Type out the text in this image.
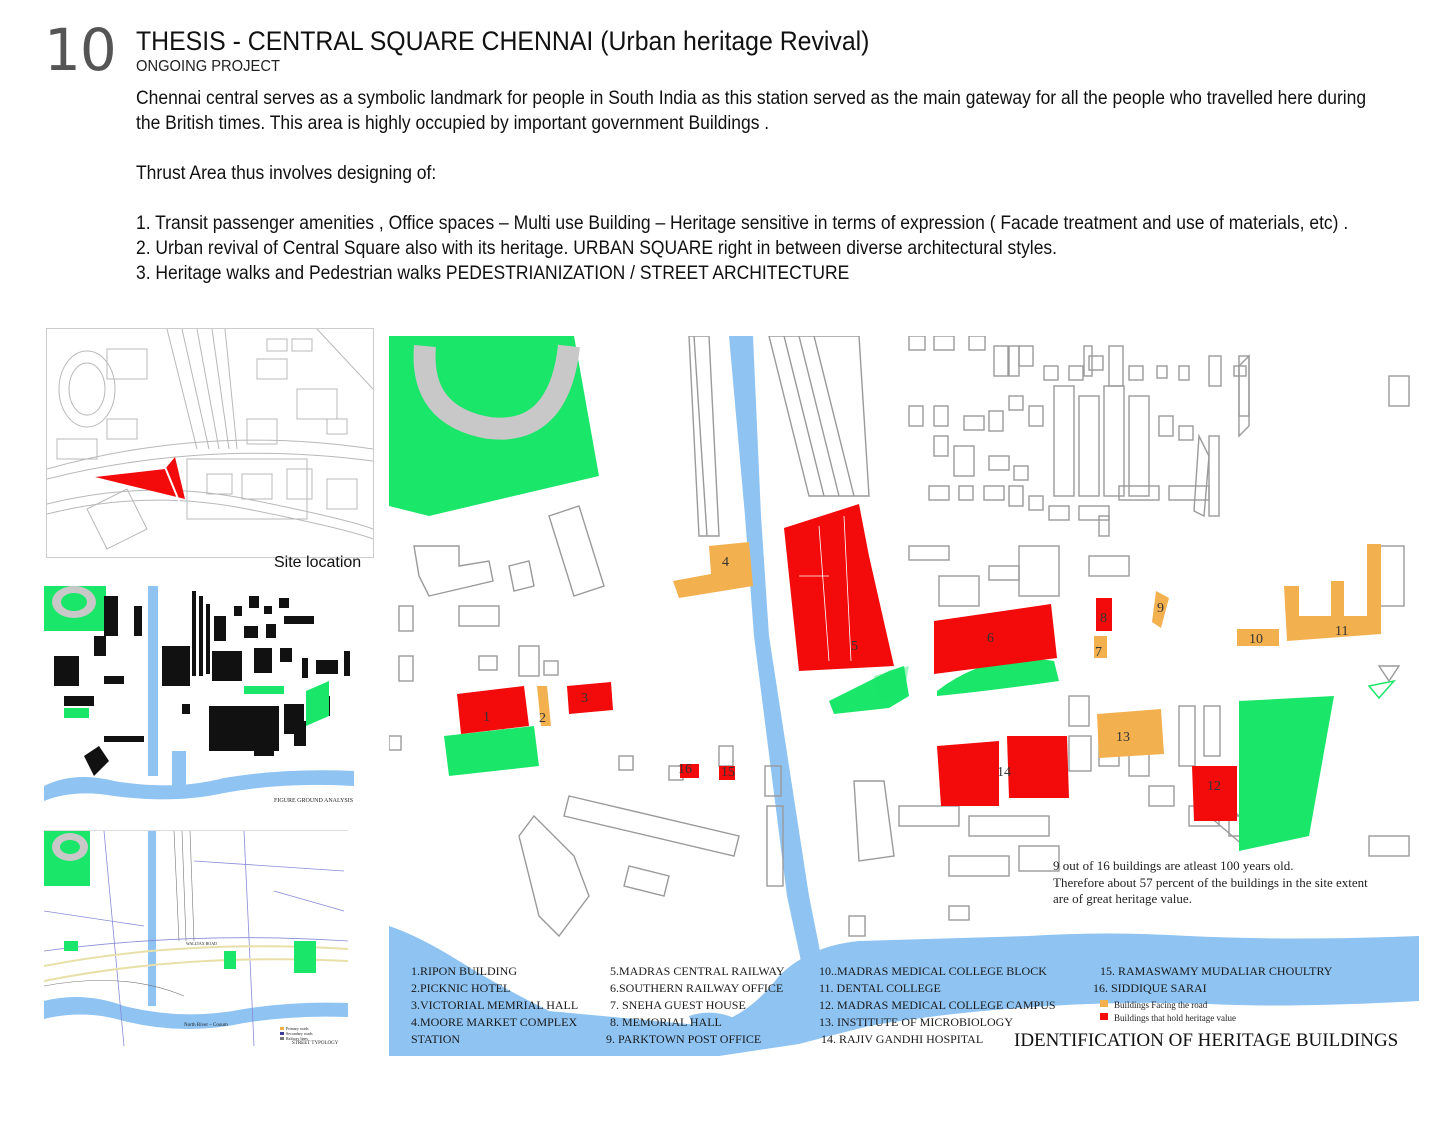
10 THESIS - CENTRAL SQUARE CHENNAI (Urban heritage Revival)
ONGOING PROJECT

Chennai central serves as a symbolic landmark for people in South India as this station served as the main gateway for all the people who travelled here during

the British times. This area is highly occupied by important government Buildings .

Thrust Area thus involves designing of:

1. Transit passenger amenities , Office spaces – Multi use Building – Heritage sensitive in terms of expression ( Facade treatment and use of materials, etc) .

2. Urban revival of Central Square also with its heritage. URBAN SQUARE right in between diverse architectural styles.

3. Heritage walks and Pedestrian walks PEDESTRIANIZATION / STREET ARCHITECTURE

Site location
FIGURE GROUND ANALYSIS
North River – Cooum
WALLTAX ROAD
Primary roads
Secondary roads
Railway lines
STREET TYPOLOGY
1	2
3
4
5
6
7
8
9
10
11
12
13
14
15
16
9 out of 16 buildings are atleast 100 years old.
Therefore about 57 percent of the buildings in the site extent
are of great heritage value.
1.RIPON BUILDING
2.PICKNIC HOTEL
3.VICTORIAL MEMRIAL HALL
4.MOORE MARKET COMPLEX
STATION
5.MADRAS CENTRAL RAILWAY
6.SOUTHERN RAILWAY OFFICE
7. SNEHA GUEST HOUSE
8. MEMORIAL HALL
9. PARKTOWN POST OFFICE
10..MADRAS MEDICAL COLLEGE BLOCK
11. DENTAL COLLEGE
12. MADRAS MEDICAL COLLEGE CAMPUS
13. INSTITUTE OF MICROBIOLOGY
14. RAJIV GANDHI HOSPITAL
15. RAMASWAMY MUDALIAR CHOULTRY
16. SIDDIQUE SARAI
Buildings Facing the road
Buildings that hold heritage value
IDENTIFICATION OF HERITAGE BUILDINGS
